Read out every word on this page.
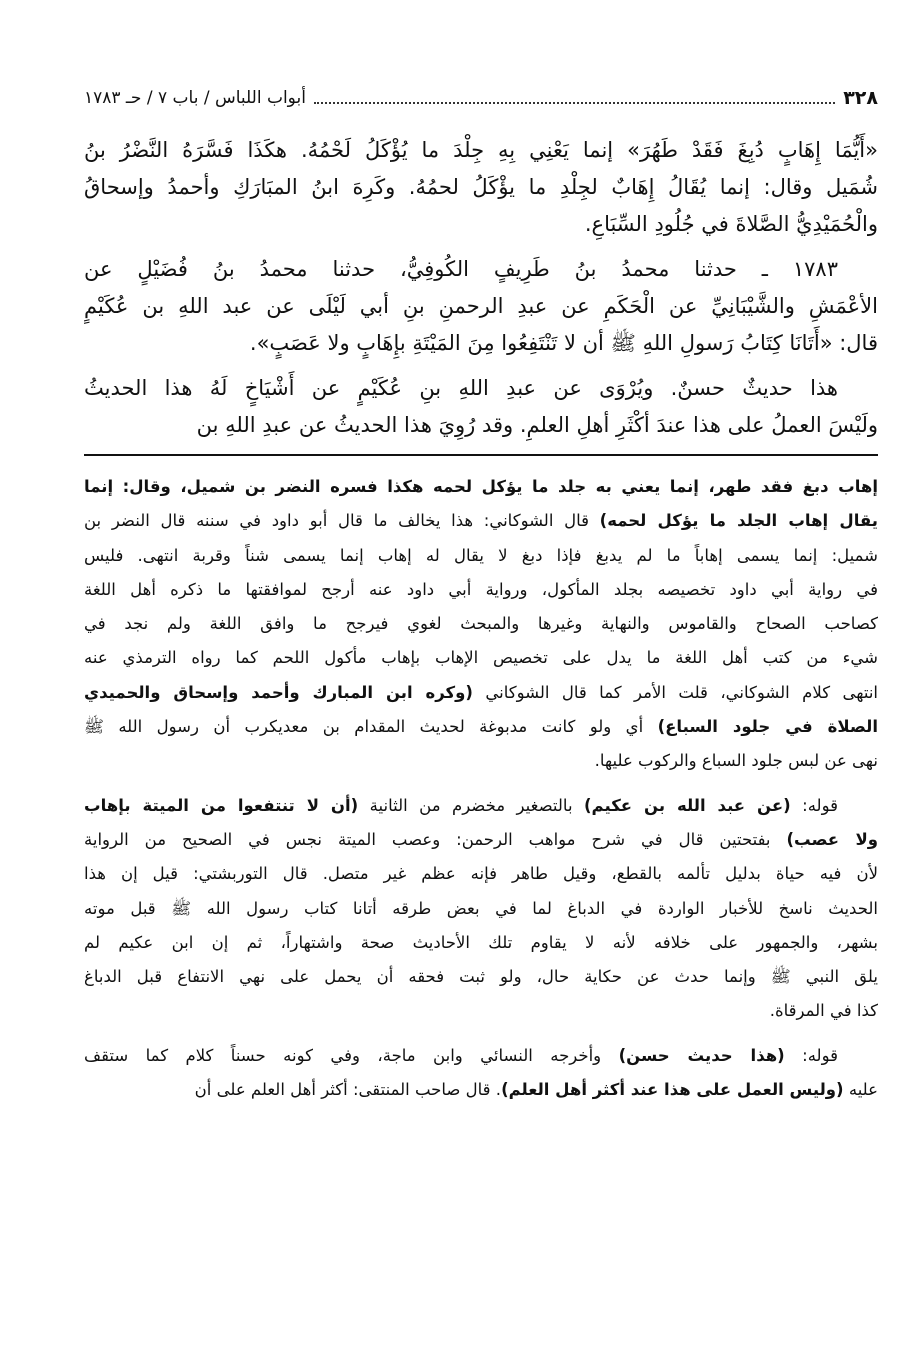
٣٢٨
أبواب اللباس / باب ٧ / حـ ١٧٨٣
«أَيُّمَا إِهَابٍ دُبِغَ فَقَدْ طَهُرَ» إنما يَعْنِي بِهِ جِلْدَ ما يُؤْكَلُ لَحْمُهُ. هكَذَا فَسَّرَهُ النَّضْرُ بنُ
شُمَيل وقال: إنما يُقَالُ إِهَابٌ لجِلْدِ ما يؤْكَلُ لحمُهُ. وكَرِهَ ابنُ المبَارَكِ وأحمدُ وإسحاقُ
والْحُمَيْدِيُّ الصَّلاةَ في جُلُودِ السِّبَاعِ.
١٧٨٣ ـ حدثنا محمدُ بنُ طَرِيفٍ الكُوفِيُّ، حدثنا محمدُ بنُ فُضَيْلٍ عن
الأعْمَشِ والشَّيْبَانِيِّ عن الْحَكَمِ عن عبدِ الرحمنِ بنِ أبي لَيْلَى عن عبد اللهِ بن عُكَيْمٍ
قال: «أَتَانَا كِتَابُ رَسولِ اللهِ ﷺ أن لا تَنْتَفِعُوا مِنَ المَيْتَةِ بإِهَابٍ ولا عَصَبٍ».
هذا حديثٌ حسنٌ. ويُرْوَى عن عبدِ اللهِ بنِ عُكَيْمٍ عن أَشْيَاخٍ لَهُ هذا الحديثُ
ولَيْسَ العملُ على هذا عندَ أكْثَرِ أهلِ العلمِ. وقد رُوِيَ هذا الحديثُ عن عبدِ اللهِ بن
إهاب دبغ فقد طهر، إنما يعني به جلد ما يؤكل لحمه هكذا فسره النضر بن شميل، وقال: إنما
يقال إهاب الجلد ما يؤكل لحمه) قال الشوكاني: هذا يخالف ما قال أبو داود في سننه قال النضر بن
شميل: إنما يسمى إهاباً ما لم يدبغ فإذا دبغ لا يقال له إهاب إنما يسمى شناً وقربة انتهى. فليس
في رواية أبي داود تخصيصه بجلد المأكول، ورواية أبي داود عنه أرجح لموافقتها ما ذكره أهل اللغة
كصاحب الصحاح والقاموس والنهاية وغيرها والمبحث لغوي فيرجح ما وافق اللغة ولم نجد في
شيء من كتب أهل اللغة ما يدل على تخصيص الإهاب بإهاب مأكول اللحم كما رواه الترمذي عنه
انتهى كلام الشوكاني، قلت الأمر كما قال الشوكاني (وكره ابن المبارك وأحمد وإسحاق والحميدي
الصلاة في جلود السباع) أي ولو كانت مدبوغة لحديث المقدام بن معديكرب أن رسول الله ﷺ
نهى عن لبس جلود السباع والركوب عليها.
قوله: (عن عبد الله بن عكيم) بالتصغير مخضرم من الثانية (أن لا تنتفعوا من الميتة بإهاب
ولا عصب) بفتحتين قال في شرح مواهب الرحمن: وعصب الميتة نجس في الصحيح من الرواية
لأن فيه حياة بدليل تألمه بالقطع، وقيل طاهر فإنه عظم غير متصل. قال التوربشتي: قيل إن هذا
الحديث ناسخ للأخبار الواردة في الدباغ لما في بعض طرقه أتانا كتاب رسول الله ﷺ قبل موته
بشهر، والجمهور على خلافه لأنه لا يقاوم تلك الأحاديث صحة واشتهاراً، ثم إن ابن عكيم لم
يلق النبي ﷺ وإنما حدث عن حكاية حال، ولو ثبت فحقه أن يحمل على نهي الانتفاع قبل الدباغ
كذا في المرقاة.
قوله: (هذا حديث حسن) وأخرجه النسائي وابن ماجة، وفي كونه حسناً كلام كما ستقف
عليه (وليس العمل على هذا عند أكثر أهل العلم). قال صاحب المنتقى: أكثر أهل العلم على أن
